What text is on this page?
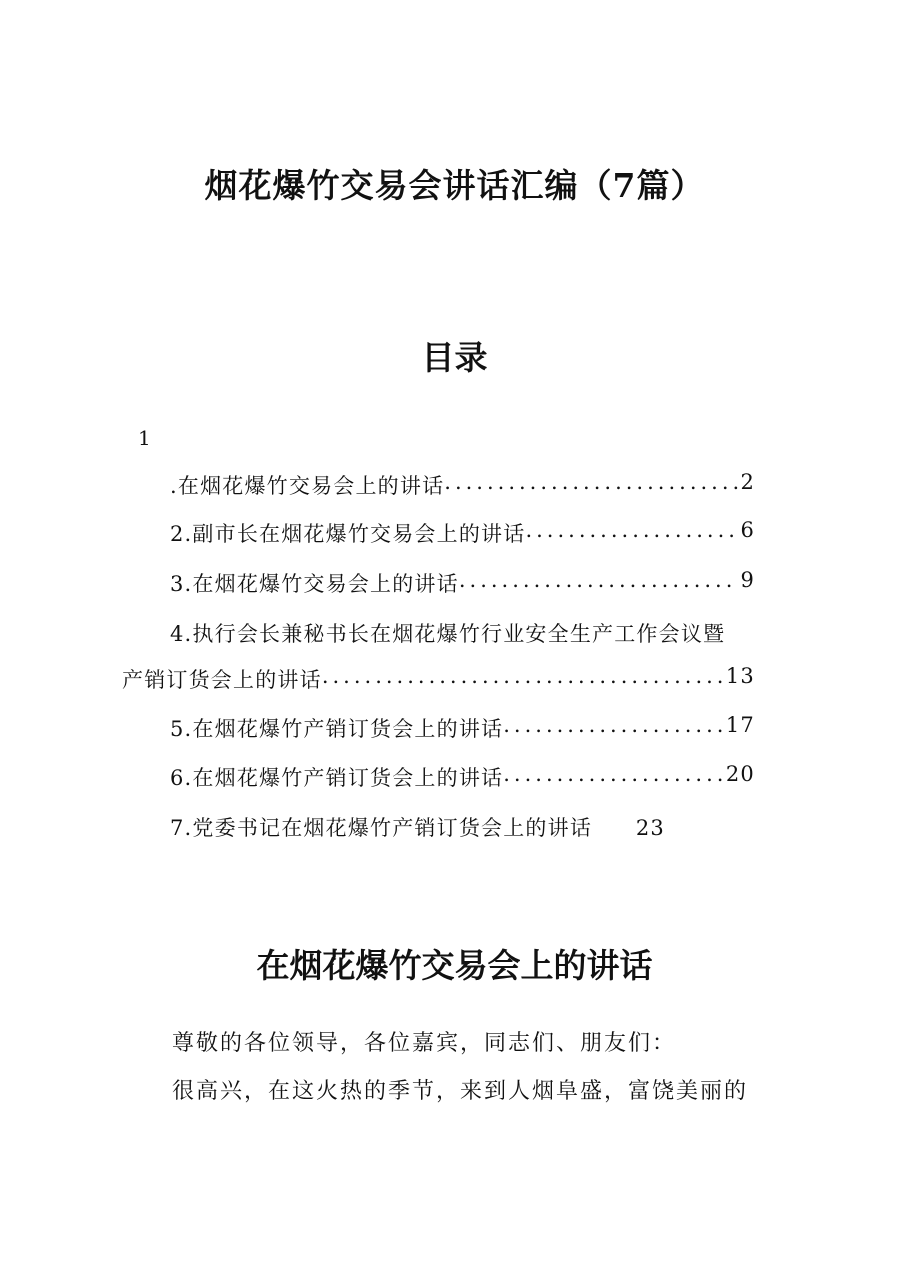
烟花爆竹交易会讲话汇编（7篇）
目录
1
.在烟花爆竹交易会上的讲话 .....	2
2.副市长在烟花爆竹交易会上的讲话 .....	6
3.在烟花爆竹交易会上的讲话 .....	9
4.执行会长兼秘书长在烟花爆竹行业安全生产工作会议暨
产销订货会上的讲话 .....	13
5.在烟花爆竹产销订货会上的讲话 .....	17
6.在烟花爆竹产销订货会上的讲话 .....	20
7.党委书记在烟花爆竹产销订货会上的讲话 23
在烟花爆竹交易会上的讲话
尊敬的各位领导，各位嘉宾，同志们、朋友们：
很高兴，在这火热的季节，来到人烟阜盛，富饶美丽的
